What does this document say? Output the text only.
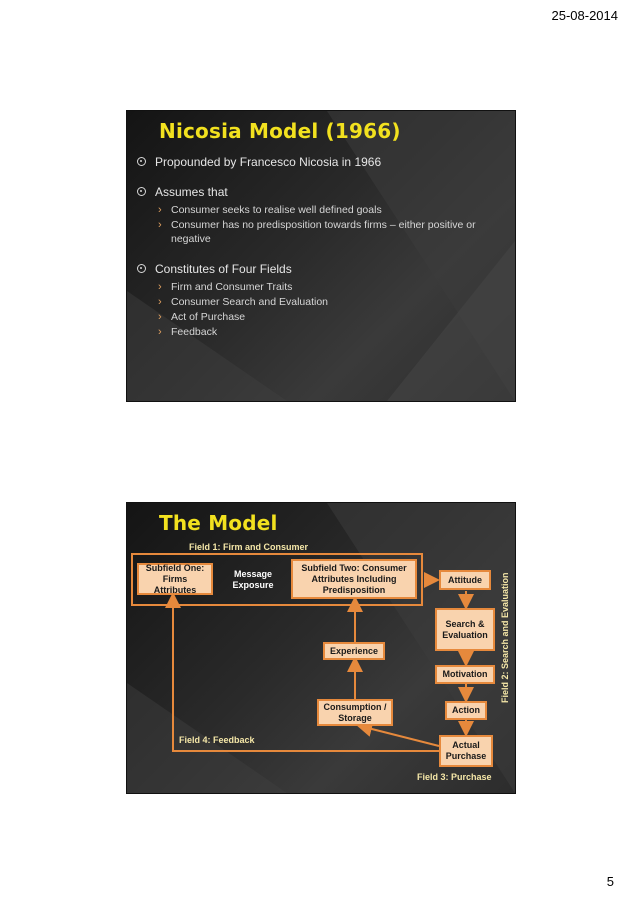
25-08-2014
Nicosia Model (1966)
Propounded by Francesco Nicosia in 1966
Assumes that
› Consumer seeks to realise well defined goals
› Consumer has no predisposition towards firms – either positive or negative
Constitutes of Four Fields
› Firm and Consumer Traits
› Consumer Search and Evaluation
› Act of Purchase
› Feedback
The Model
Field 1: Firm and Consumer
Subfield One: Firms Attributes
Message Exposure
Subfield Two: Consumer Attributes Including Predisposition
Attitude
Search & Evaluation
Motivation
Action
Actual Purchase
Consumption / Storage
Experience	Field 2: Search and Evaluation
Field 4: Feedback
Field 3: Purchase
5
